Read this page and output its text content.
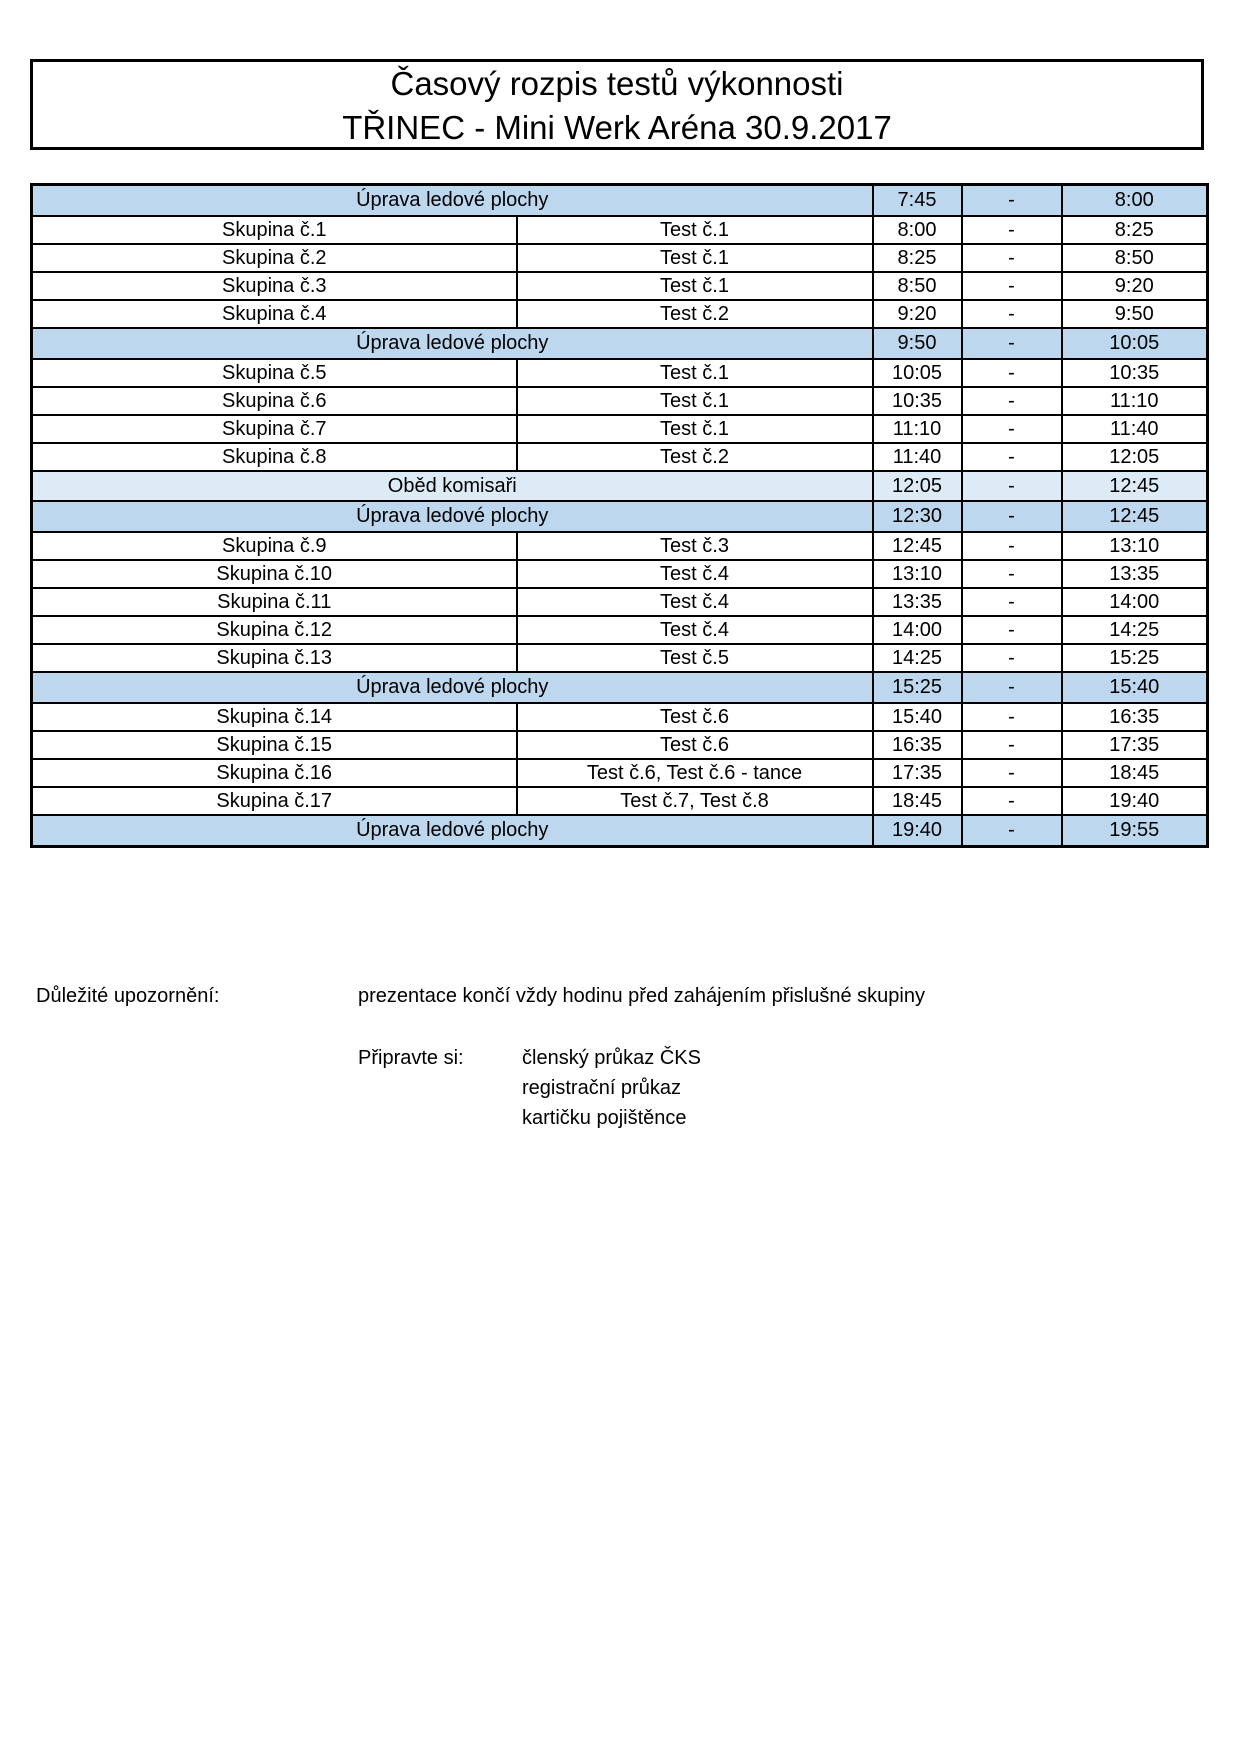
Časový rozpis testů výkonnosti
TŘINEC - Mini Werk Aréna 30.9.2017
Úprava ledové plochy		7:45	-	8:00
Skupina č.1	Test č.1	8:00	-	8:25
Skupina č.2	Test č.1	8:25	-	8:50
Skupina č.3	Test č.1	8:50	-	9:20
Skupina č.4	Test č.2	9:20	-	9:50
Úprava ledové plochy		9:50	-	10:05
Skupina č.5	Test č.1	10:05	-	10:35
Skupina č.6	Test č.1	10:35	-	11:10
Skupina č.7	Test č.1	11:10	-	11:40
Skupina č.8	Test č.2	11:40	-	12:05
Oběd komisaři		12:05	-	12:45
Úprava ledové plochy		12:30	-	12:45
Skupina č.9	Test č.3	12:45	-	13:10
Skupina č.10	Test č.4	13:10	-	13:35
Skupina č.11	Test č.4	13:35	-	14:00
Skupina č.12	Test č.4	14:00	-	14:25
Skupina č.13	Test č.5	14:25	-	15:25
Úprava ledové plochy		15:25	-	15:40
Skupina č.14	Test č.6	15:40	-	16:35
Skupina č.15	Test č.6	16:35	-	17:35
Skupina č.16	Test č.6, Test č.6 - tance	17:35	-	18:45
Skupina č.17	Test č.7, Test č.8	18:45	-	19:40
Úprava ledové plochy		19:40	-	19:55
Důležité upozornění:	prezentace končí vždy hodinu před zahájením přislušné skupiny
Připravte si:	členský průkaz ČKS
registrační průkaz
kartičku pojištěnce
